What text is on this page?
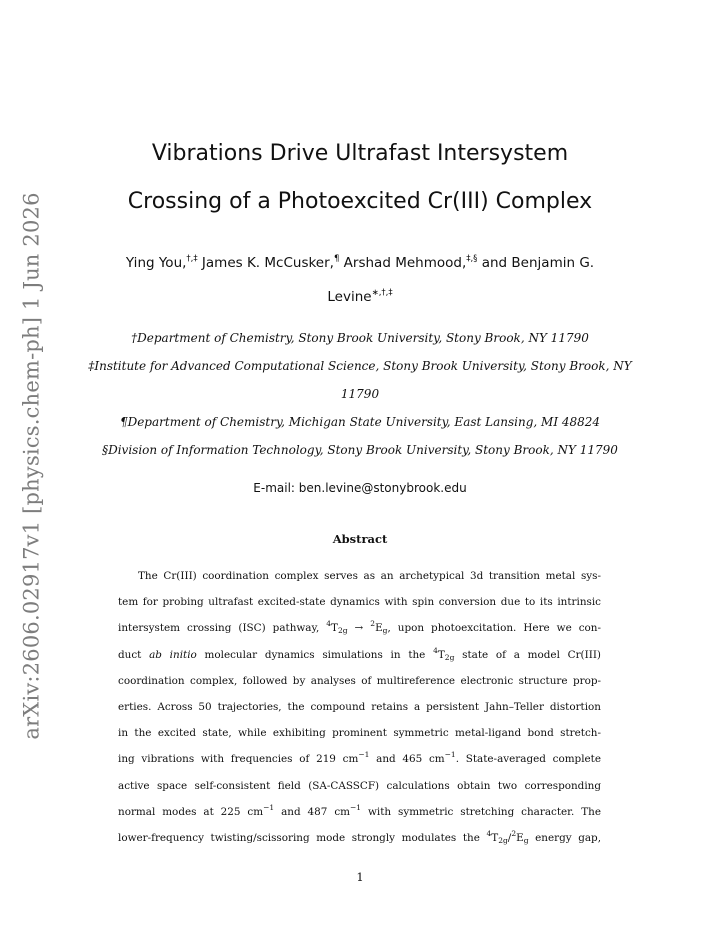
arXiv:2606.02917v1 [physics.chem-ph] 1 Jun 2026
Vibrations Drive Ultrafast Intersystem
Crossing of a Photoexcited Cr(III) Complex
Ying You,†,‡ James K. McCusker,¶ Arshad Mehmood,‡,§ and Benjamin G.
Levine∗,†,‡
†Department of Chemistry, Stony Brook University, Stony Brook, NY 11790
‡Institute for Advanced Computational Science, Stony Brook University, Stony Brook, NY
11790
¶Department of Chemistry, Michigan State University, East Lansing, MI 48824
§Division of Information Technology, Stony Brook University, Stony Brook, NY 11790
E-mail: ben.levine@stonybrook.edu
Abstract
The Cr(III) coordination complex serves as an archetypical 3d transition metal sys-
tem for probing ultrafast excited-state dynamics with spin conversion due to its intrinsic
intersystem crossing (ISC) pathway, $^4T_{2g} \to ^2E_g$, upon photoexcitation. Here we con-
duct ab initio molecular dynamics simulations in the $^4T_{2g}$ state of a model Cr(III)
coordination complex, followed by analyses of multireference electronic structure prop-
erties. Across 50 trajectories, the compound retains a persistent Jahn–Teller distortion
in the excited state, while exhibiting prominent symmetric metal-ligand bond stretch-
ing vibrations with frequencies of 219 $cm^{-1}$ and 465 $cm^{-1}$. State-averaged complete
active space self-consistent field (SA-CASSCF) calculations obtain two corresponding
normal modes at 225 $cm^{-1}$ and 487 $cm^{-1}$ with symmetric stretching character. The
lower-frequency twisting/scissoring mode strongly modulates the $^4T_{2g}/^2E_g$ energy gap,
1
